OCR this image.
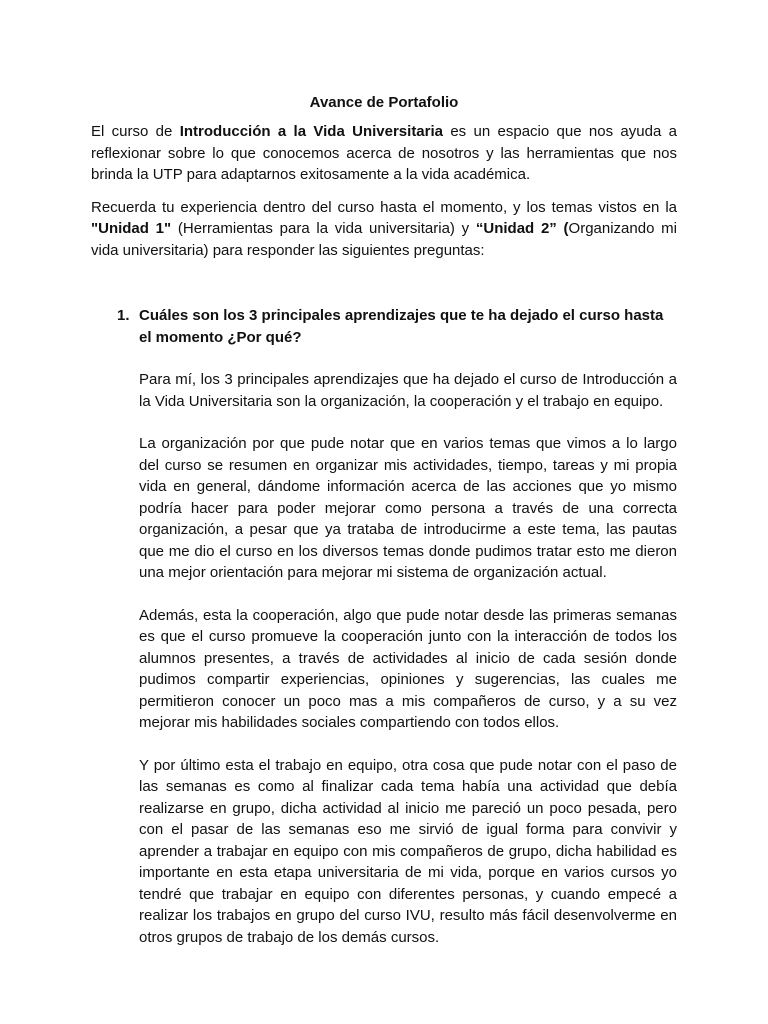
Avance de Portafolio

El curso de Introducción a la Vida Universitaria es un espacio que nos ayuda a reflexionar sobre lo que conocemos acerca de nosotros y las herramientas que nos brinda la UTP para adaptarnos exitosamente a la vida académica.

Recuerda tu experiencia dentro del curso hasta el momento, y los temas vistos en la "Unidad 1" (Herramientas para la vida universitaria) y “Unidad 2” (Organizando mi vida universitaria) para responder las siguientes preguntas:

1. Cuáles son los 3 principales aprendizajes que te ha dejado el curso hasta el momento ¿Por qué?

Para mí, los 3 principales aprendizajes que ha dejado el curso de Introducción a la Vida Universitaria son la organización, la cooperación y el trabajo en equipo.

La organización por que pude notar que en varios temas que vimos a lo largo del curso se resumen en organizar mis actividades, tiempo, tareas y mi propia vida en general, dándome información acerca de las acciones que yo mismo podría hacer para poder mejorar como persona a través de una correcta organización, a pesar que ya trataba de introducirme a este tema, las pautas que me dio el curso en los diversos temas donde pudimos tratar esto me dieron una mejor orientación para mejorar mi sistema de organización actual.

Además, esta la cooperación, algo que pude notar desde las primeras semanas es que el curso promueve la cooperación junto con la interacción de todos los alumnos presentes, a través de actividades al inicio de cada sesión donde pudimos compartir experiencias, opiniones y sugerencias, las cuales me permitieron conocer un poco mas a mis compañeros de curso, y a su vez mejorar mis habilidades sociales compartiendo con todos ellos.

Y por último esta el trabajo en equipo, otra cosa que pude notar con el paso de las semanas es como al finalizar cada tema había una actividad que debía realizarse en grupo, dicha actividad al inicio me pareció un poco pesada, pero con el pasar de las semanas eso me sirvió de igual forma para convivir y aprender a trabajar en equipo con mis compañeros de grupo, dicha habilidad es importante en esta etapa universitaria de mi vida, porque en varios cursos yo tendré que trabajar en equipo con diferentes personas, y cuando empecé a realizar los trabajos en grupo del curso IVU, resulto más fácil desenvolverme en otros grupos de trabajo de los demás cursos.
